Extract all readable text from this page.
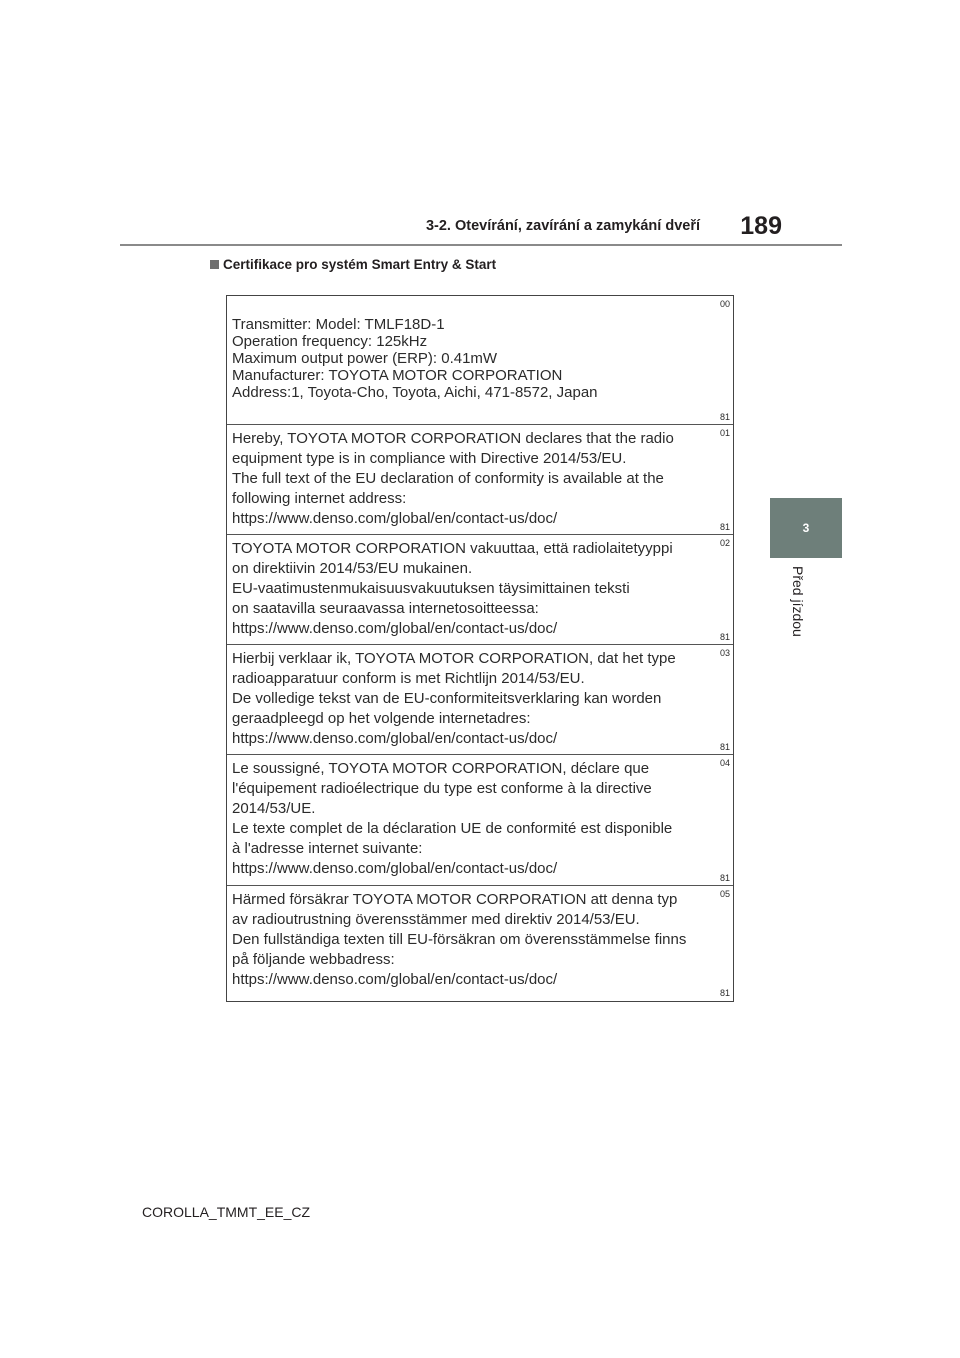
3-2. Otevírání, zavírání a zamykání dveří	189
3
Před jízdou
Certifikace pro systém Smart Entry & Start
00
Transmitter: Model: TMLF18D-1
Operation frequency: 125kHz
Maximum output power (ERP): 0.41mW
Manufacturer: TOYOTA MOTOR CORPORATION
Address:1, Toyota-Cho, Toyota, Aichi, 471-8572, Japan
81
01
Hereby, TOYOTA MOTOR CORPORATION declares that the radio
equipment type is in compliance with Directive 2014/53/EU.
The full text of the EU declaration of conformity is available at the
following internet address:
https://www.denso.com/global/en/contact-us/doc/	81
02
TOYOTA MOTOR CORPORATION vakuuttaa, että radiolaitetyyppi
on direktiivin 2014/53/EU mukainen.
EU-vaatimustenmukaisuusvakuutuksen täysimittainen teksti
on saatavilla seuraavassa internetosoitteessa:
https://www.denso.com/global/en/contact-us/doc/	81
03
Hierbij verklaar ik, TOYOTA MOTOR CORPORATION, dat het type
radioapparatuur conform is met Richtlijn 2014/53/EU.
De volledige tekst van de EU-conformiteitsverklaring kan worden
geraadpleegd op het volgende internetadres:
https://www.denso.com/global/en/contact-us/doc/	81
04
Le soussigné, TOYOTA MOTOR CORPORATION, déclare que
l'équipement radioélectrique du type est conforme à la directive
2014/53/UE.
Le texte complet de la déclaration UE de conformité est disponible
à l'adresse internet suivante:
https://www.denso.com/global/en/contact-us/doc/
81
05
Härmed försäkrar TOYOTA MOTOR CORPORATION att denna typ
av radioutrustning överensstämmer med direktiv 2014/53/EU.
Den fullständiga texten till EU-försäkran om överensstämmelse finns
på följande webbadress:
https://www.denso.com/global/en/contact-us/doc/
81
COROLLA_TMMT_EE_CZ
